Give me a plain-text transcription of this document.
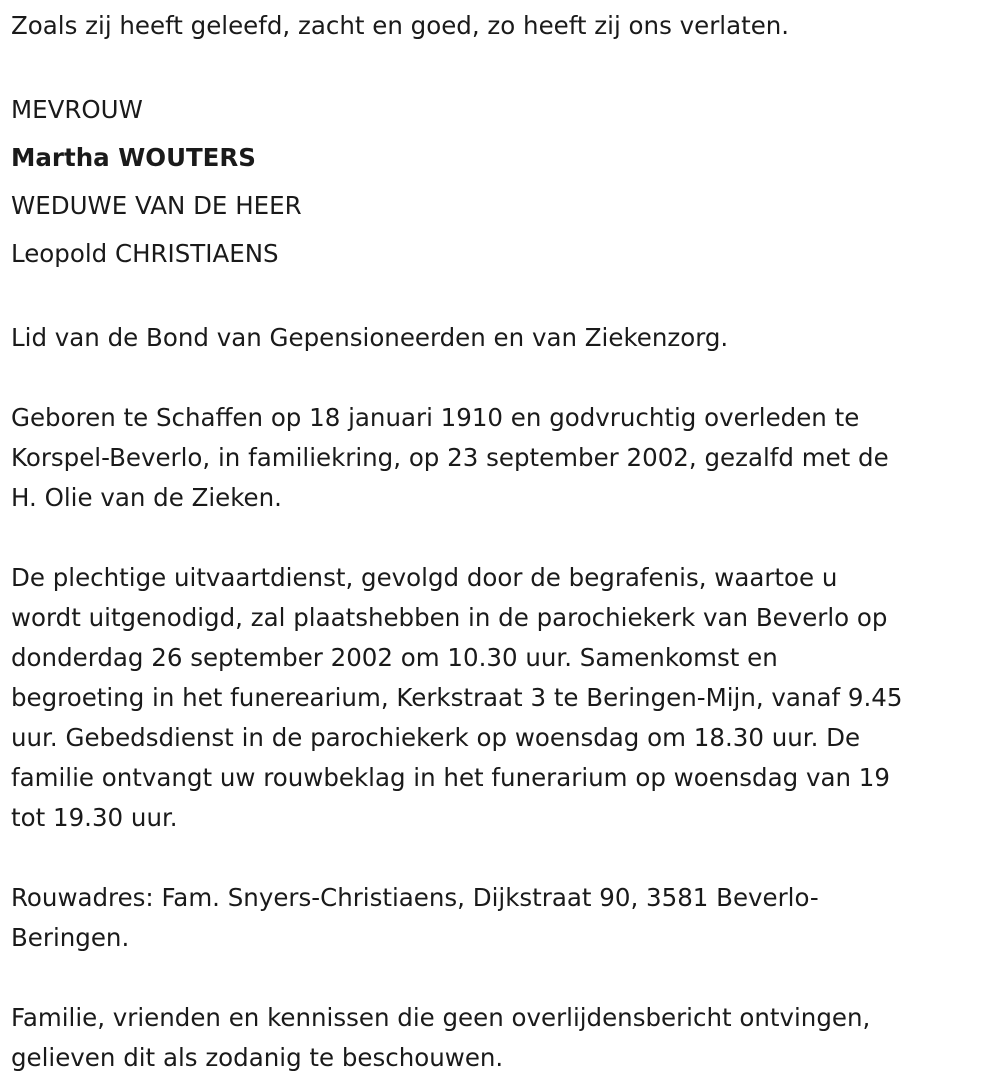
Zoals zij heeft geleefd, zacht en goed, zo heeft zij ons verlaten.

MEVROUW

Martha WOUTERS

WEDUWE VAN DE HEER

Leopold CHRISTIAENS

Lid van de Bond van Gepensioneerden en van Ziekenzorg.

Geboren te Schaffen op 18 januari 1910 en godvruchtig overleden te

Korspel-Beverlo, in familiekring, op 23 september 2002, gezalfd met de

H. Olie van de Zieken.

De plechtige uitvaartdienst, gevolgd door de begrafenis, waartoe u

wordt uitgenodigd, zal plaatshebben in de parochiekerk van Beverlo op

donderdag 26 september 2002 om 10.30 uur. Samenkomst en

begroeting in het funerearium, Kerkstraat 3 te Beringen-Mijn, vanaf 9.45

uur. Gebedsdienst in de parochiekerk op woensdag om 18.30 uur. De

familie ontvangt uw rouwbeklag in het funerarium op woensdag van 19

tot 19.30 uur.

Rouwadres: Fam. Snyers-Christiaens, Dijkstraat 90, 3581 Beverlo-

Beringen.

Familie, vrienden en kennissen die geen overlijdensbericht ontvingen,

gelieven dit als zodanig te beschouwen.
